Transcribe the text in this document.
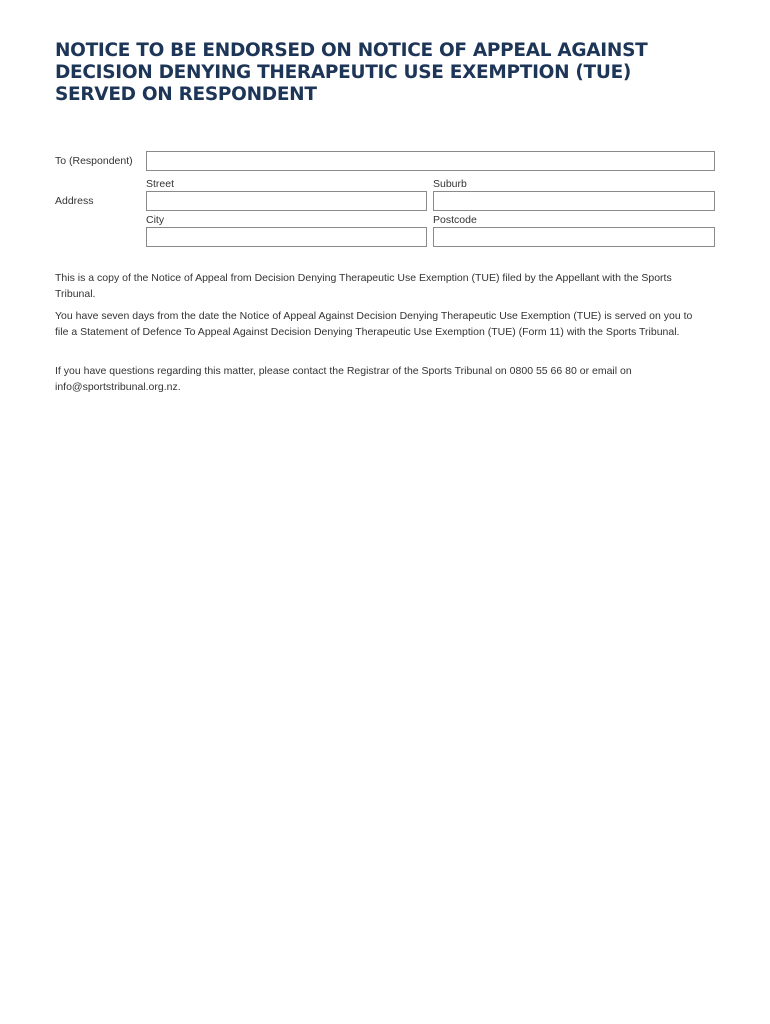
NOTICE TO BE ENDORSED ON NOTICE OF APPEAL AGAINST DECISION DENYING THERAPEUTIC USE EXEMPTION (TUE) SERVED ON RESPONDENT
To (Respondent)
Address
Street	Suburb
City	Postcode

This is a copy of the Notice of Appeal from Decision Denying Therapeutic Use Exemption (TUE) filed by the Appellant with the Sports Tribunal.

You have seven days from the date the Notice of Appeal Against Decision Denying Therapeutic Use Exemption (TUE) is served on you to file a Statement of Defence To Appeal Against Decision Denying Therapeutic Use Exemption (TUE) (Form 11) with the Sports Tribunal.

If you have questions regarding this matter, please contact the Registrar of the Sports Tribunal on 0800 55 66 80 or email on info@sportstribunal.org.nz.
